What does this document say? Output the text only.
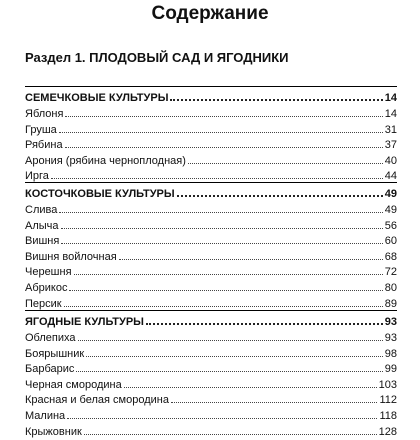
Содержание
Раздел 1. ПЛОДОВЫЙ САД И ЯГОДНИКИ
СЕМЕЧКОВЫЕ КУЛЬТУРЫ	14
Яблоня	14
Груша	31
Рябина	37
Арония (рябина черноплодная)	40
Ирга	44
КОСТОЧКОВЫЕ КУЛЬТУРЫ	49
Слива	49
Алыча	56
Вишня	60
Вишня войлочная	68
Черешня	72
Абрикос	80
Персик	89
ЯГОДНЫЕ КУЛЬТУРЫ	93
Облепиха	93
Боярышник	98
Барбарис	99
Черная смородина	103
Красная и белая смородина	112
Малина	118
Крыжовник	128
